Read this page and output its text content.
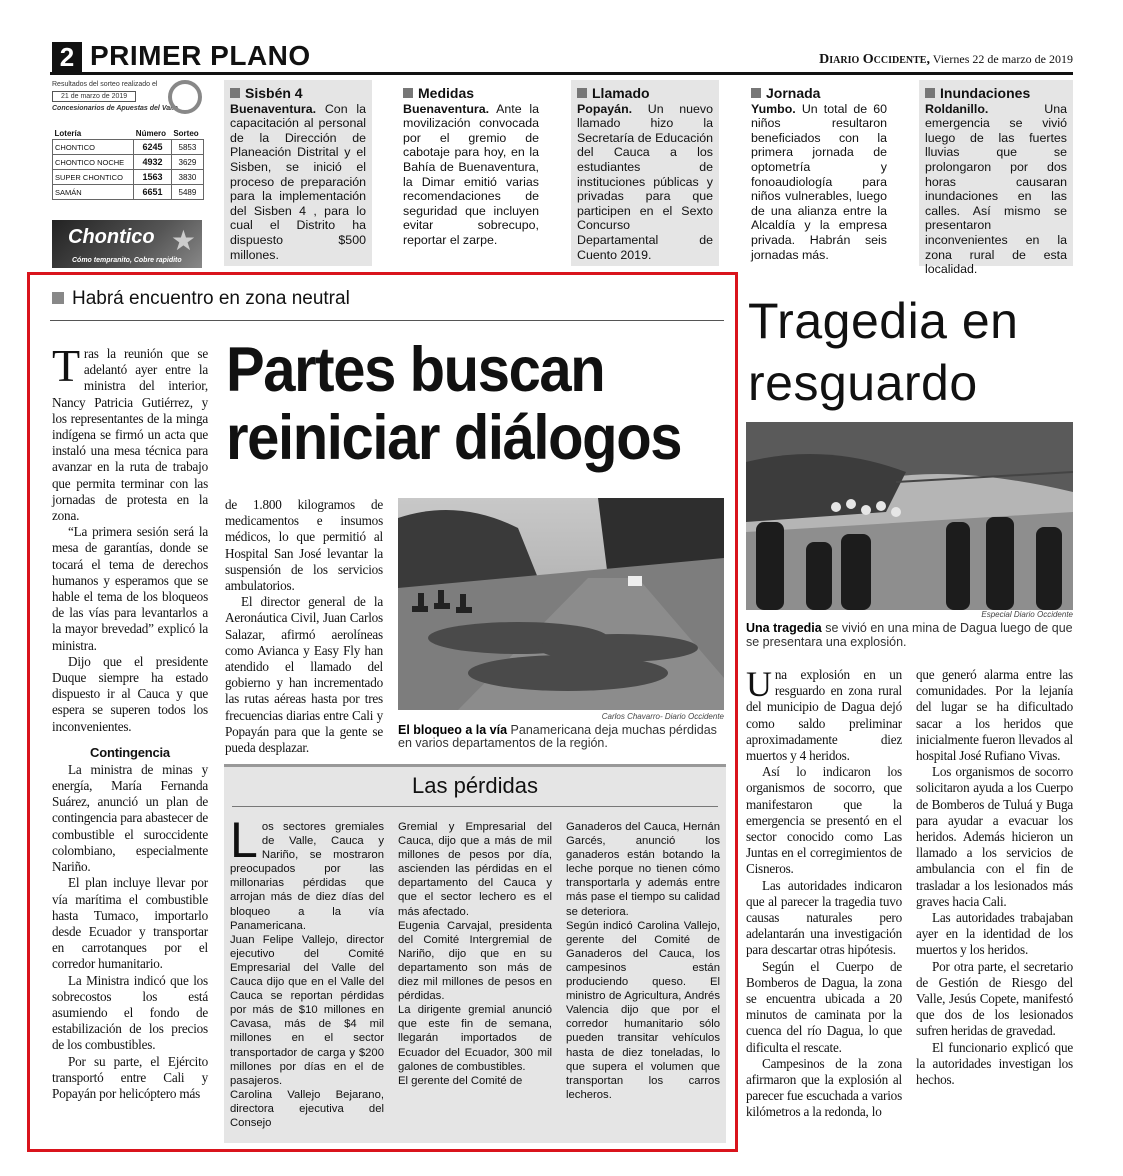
2 PRIMER PLANO	Diario Occidente, Viernes 22 de marzo de 2019
Resultados del sorteo realizado el
21 de marzo de 2019
Concesionarios de Apuestas del Valle
Lotería	Número	Sorteo
CHONTICO	6245	5853
CHONTICO NOCHE	4932	3629
SUPER CHONTICO	1563	3830
SAMÁN	6651	5489
Chontico ★
Cómo tempranito, Cobre rapidito
Sisbén 4
Buenaventura. Con la capacitación al personal de la Dirección de Planeación Distrital y el Sisben, se inició el proceso de preparación para la implementación del Sisben 4 , para lo cual el Distrito ha dispuesto $500 millones.
Medidas
Buenaventura. Ante la movilización convocada por el gremio de cabotaje para hoy, en la Bahía de Buenaventura, la Dimar emitió varias recomendaciones de seguridad que incluyen evitar sobrecupo, reportar el zarpe.
Llamado
Popayán. Un nuevo llamado hizo la Secretaría de Educación del Cauca a los estudiantes de instituciones públicas y privadas para que participen en el Sexto Concurso Departamental de Cuento 2019.
Jornada
Yumbo. Un total de 60 niños resultaron beneficiados con la primera jornada de optometría y fonoaudiología para niños vulnerables, luego de una alianza entre la Alcaldía y la empresa privada. Habrán seis jornadas más.
Inundaciones
Roldanillo. Una emergencia se vivió luego de las fuertes lluvias que se prolongaron por dos horas causaran inundaciones en las calles. Así mismo se presentaron inconvenientes en la zona rural de esta localidad.
Habrá encuentro en zona neutral
Partes buscan reiniciar diálogos

Tras la reunión que se adelantó ayer entre la ministra del interior, Nancy Patricia Gutiérrez, y los representantes de la minga indígena se firmó un acta que instaló una mesa técnica para avanzar en la ruta de trabajo que permita terminar con las jornadas de protesta en la zona.

“La primera sesión será la mesa de garantías, donde se tocará el tema de derechos humanos y esperamos que se hable el tema de los bloqueos de las vías para levantarlos a la mayor brevedad” explicó la ministra.

Dijo que el presidente Duque siempre ha estado dispuesto ir al Cauca y que espera se superen todos los inconvenientes.

Contingencia

La ministra de minas y energía, María Fernanda Suárez, anunció un plan de contingencia para abastecer de combustible el suroccidente colombiano, especialmente Nariño.

El plan incluye llevar por vía marítima el combustible hasta Tumaco, importarlo desde Ecuador y transportar en carrotanques por el corredor humanitario.

La Ministra indicó que los sobrecostos los está asumiendo el fondo de estabilización de los precios de los combustibles.

Por su parte, el Ejército transportó entre Cali y Popayán por helicóptero más

de 1.800 kilogramos de medicamentos e insumos médicos, lo que permitió al Hospital San José levantar la suspensión de los servicios ambulatorios.

El director general de la Aeronáutica Civil, Juan Carlos Salazar, afirmó aerolíneas como Avianca y Easy Fly han atendido el llamado del gobierno y han incrementado las rutas aéreas hasta por tres frecuencias diarias entre Cali y Popayán para que la gente se pueda desplazar.

Carlos Chavarro- Diario Occidente
El bloqueo a la vía Panamericana deja muchas pérdidas en varios departamentos de la región.
Las pérdidas

Los sectores gremiales de Valle, Cauca y Nariño, se mostraron preocupados por las millonarias pérdidas que arrojan más de diez días del bloqueo a la vía Panamericana.

Juan Felipe Vallejo, director ejecutivo del Comité Empresarial del Valle del Cauca dijo que en el Valle del Cauca se reportan pérdidas por más de $10 millones en Cavasa, más de $4 mil millones en el sector transportador de carga y $200 millones por días en el de pasajeros.

Carolina Vallejo Bejarano, directora ejecutiva del Consejo

Gremial y Empresarial del Cauca, dijo que a más de mil millones de pesos por día, ascienden las pérdidas en el departamento del Cauca y que el sector lechero es el más afectado.

Eugenia Carvajal, presidenta del Comité Intergremial de Nariño, dijo que en su departamento son más de diez mil millones de pesos en pérdidas.

La dirigente gremial anunció que este fin de semana, llegarán importados de Ecuador del Ecuador, 300 mil galones de combustibles.

El gerente del Comité de

Ganaderos del Cauca, Hernán Garcés, anunció los ganaderos están botando la leche porque no tienen cómo transportarla y además entre más pase el tiempo su calidad se deteriora.

Según indicó Carolina Vallejo, gerente del Comité de Ganaderos del Cauca, los campesinos están produciendo queso. El ministro de Agricultura, Andrés Valencia dijo que por el corredor humanitario sólo pueden transitar vehículos hasta de diez toneladas, lo que supera el volumen que transportan los carros lecheros.

Tragedia en resguardo
Especial Diario Occidente
Una tragedia se vivió en una mina de Dagua luego de que se presentara una explosión.

Una explosión en un resguardo en zona rural del municipio de Dagua dejó como saldo preliminar aproximadamente diez muertos y 4 heridos.

Así lo indicaron los organismos de socorro, que manifestaron que la emergencia se presentó en el sector conocido como Las Juntas en el corregimientos de Cisneros.

Las autoridades indicaron que al parecer la tragedia tuvo causas naturales pero adelantarán una investigación para descartar otras hipótesis.

Según el Cuerpo de Bomberos de Dagua, la zona se encuentra ubicada a 20 minutos de caminata por la cuenca del río Dagua, lo que dificulta el rescate.

Campesinos de la zona afirmaron que la explosión al parecer fue escuchada a varios kilómetros a la redonda, lo

que generó alarma entre las comunidades. Por la lejanía del lugar se ha dificultado sacar a los heridos que inicialmente fueron llevados al hospital José Rufiano Vivas.

Los organismos de socorro solicitaron ayuda a los Cuerpo de Bomberos de Tuluá y Buga para ayudar a evacuar los heridos. Además hicieron un llamado a los servicios de ambulancia con el fin de trasladar a los lesionados más graves hacia Cali.

Las autoridades trabajaban ayer en la identidad de los muertos y los heridos.

Por otra parte, el secretario de Gestión de Riesgo del Valle, Jesús Copete, manifestó que dos de los lesionados sufren heridas de gravedad.

El funcionario explicó que la autoridades investigan los hechos.
